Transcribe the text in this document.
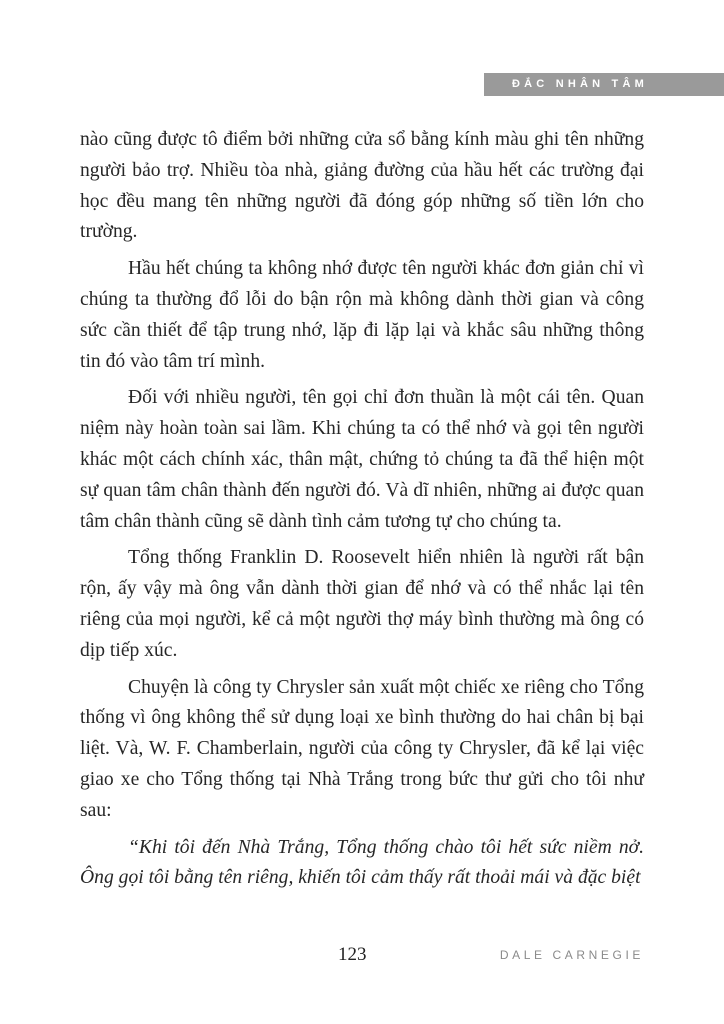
ĐẮC NHÂN TÂM

nào cũng được tô điểm bởi những cửa sổ bằng kính màu ghi tên những người bảo trợ. Nhiều tòa nhà, giảng đường của hầu hết các trường đại học đều mang tên những người đã đóng góp những số tiền lớn cho trường.

Hầu hết chúng ta không nhớ được tên người khác đơn giản chỉ vì chúng ta thường đổ lỗi do bận rộn mà không dành thời gian và công sức cần thiết để tập trung nhớ, lặp đi lặp lại và khắc sâu những thông tin đó vào tâm trí mình.

Đối với nhiều người, tên gọi chỉ đơn thuần là một cái tên. Quan niệm này hoàn toàn sai lầm. Khi chúng ta có thể nhớ và gọi tên người khác một cách chính xác, thân mật, chứng tỏ chúng ta đã thể hiện một sự quan tâm chân thành đến người đó. Và dĩ nhiên, những ai được quan tâm chân thành cũng sẽ dành tình cảm tương tự cho chúng ta.

Tổng thống Franklin D. Roosevelt hiển nhiên là người rất bận rộn, ấy vậy mà ông vẫn dành thời gian để nhớ và có thể nhắc lại tên riêng của mọi người, kể cả một người thợ máy bình thường mà ông có dịp tiếp xúc.

Chuyện là công ty Chrysler sản xuất một chiếc xe riêng cho Tổng thống vì ông không thể sử dụng loại xe bình thường do hai chân bị bại liệt. Và, W. F. Chamberlain, người của công ty Chrysler, đã kể lại việc giao xe cho Tổng thống tại Nhà Trắng trong bức thư gửi cho tôi như sau:

“Khi tôi đến Nhà Trắng, Tổng thống chào tôi hết sức niềm nở. Ông gọi tôi bằng tên riêng, khiến tôi cảm thấy rất thoải mái và đặc biệt

123	DALE CARNEGIE
